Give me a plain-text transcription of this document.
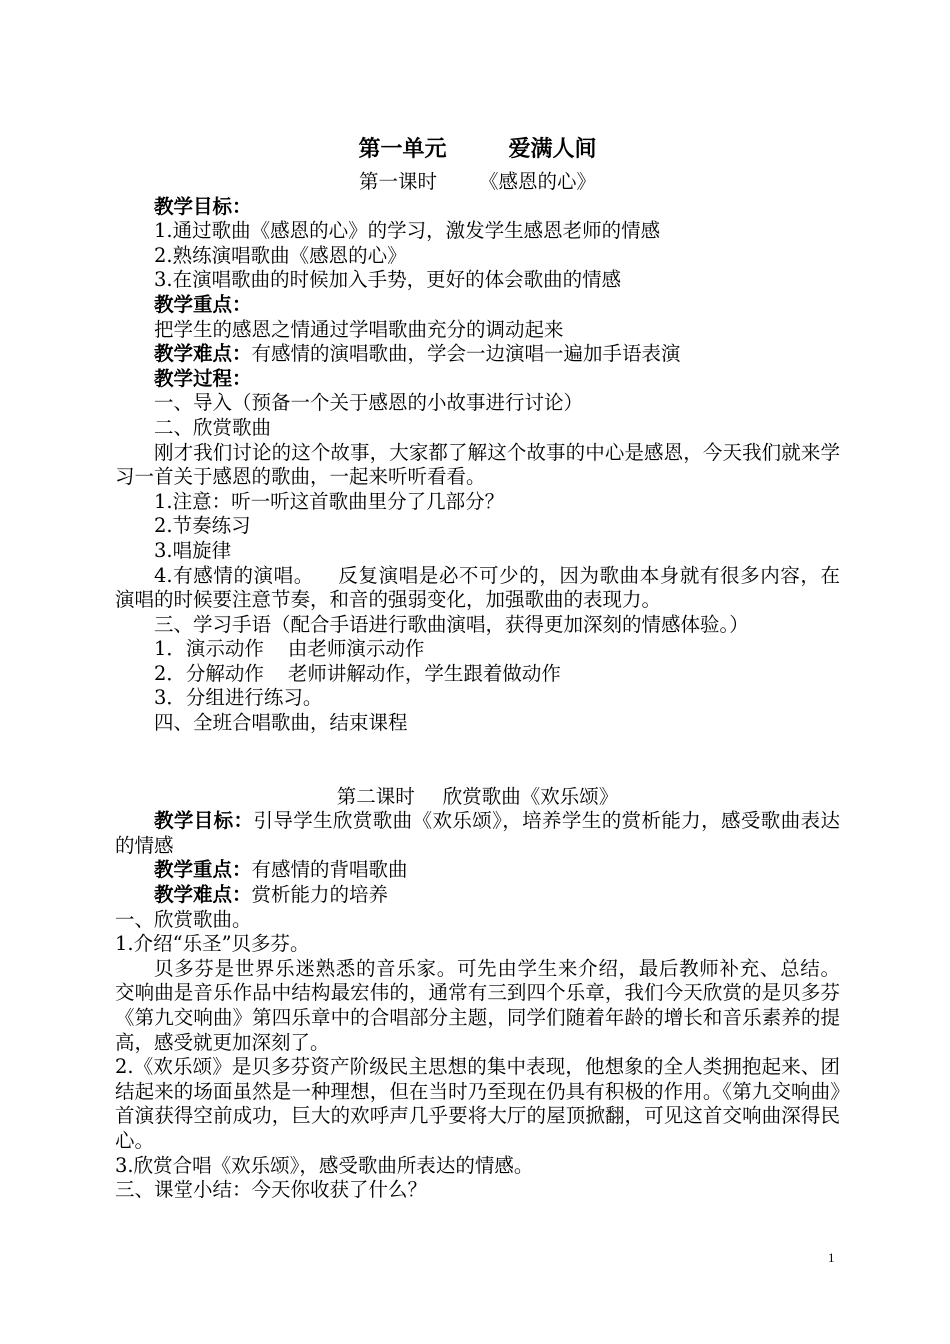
第一单元	爱满人间

第一课时 《感恩的心》

教学目标：

1.通过歌曲《感恩的心》的学习，激发学生感恩老师的情感

2.熟练演唱歌曲《感恩的心》

3.在演唱歌曲的时候加入手势，更好的体会歌曲的情感

教学重点：

把学生的感恩之情通过学唱歌曲充分的调动起来

教学难点：有感情的演唱歌曲，学会一边演唱一遍加手语表演

教学过程：

一、导入（预备一个关于感恩的小故事进行讨论）

二、欣赏歌曲

刚才我们讨论的这个故事，大家都了解这个故事的中心是感恩，今天我们就来学习一首关于感恩的歌曲，一起来听听看看。

1.注意：听一听这首歌曲里分了几部分？

2.节奏练习

3.唱旋律

4.有感情的演唱。 反复演唱是必不可少的，因为歌曲本身就有很多内容，在演唱的时候要注意节奏，和音的强弱变化，加强歌曲的表现力。

三、学习手语（配合手语进行歌曲演唱，获得更加深刻的情感体验。）

1．演示动作 由老师演示动作

2．分解动作 老师讲解动作，学生跟着做动作

3．分组进行练习。

四、全班合唱歌曲，结束课程

第二课时 欣赏歌曲《欢乐颂》

教学目标：引导学生欣赏歌曲《欢乐颂》，培养学生的赏析能力，感受歌曲表达的情感

教学重点：有感情的背唱歌曲

教学难点：赏析能力的培养

一、欣赏歌曲。

1.介绍“乐圣”贝多芬。

贝多芬是世界乐迷熟悉的音乐家。可先由学生来介绍，最后教师补充、总结。 交响曲是音乐作品中结构最宏伟的，通常有三到四个乐章，我们今天欣赏的是贝多芬《第九交响曲》第四乐章中的合唱部分主题，同学们随着年龄的增长和音乐素养的提高，感受就更加深刻了。

2.《欢乐颂》是贝多芬资产阶级民主思想的集中表现，他想象的全人类拥抱起来、团结起来的场面虽然是一种理想，但在当时乃至现在仍具有积极的作用。《第九交响曲》首演获得空前成功，巨大的欢呼声几乎要将大厅的屋顶掀翻，可见这首交响曲深得民心。

3.欣赏合唱《欢乐颂》，感受歌曲所表达的情感。

三、课堂小结：今天你收获了什么？

1
